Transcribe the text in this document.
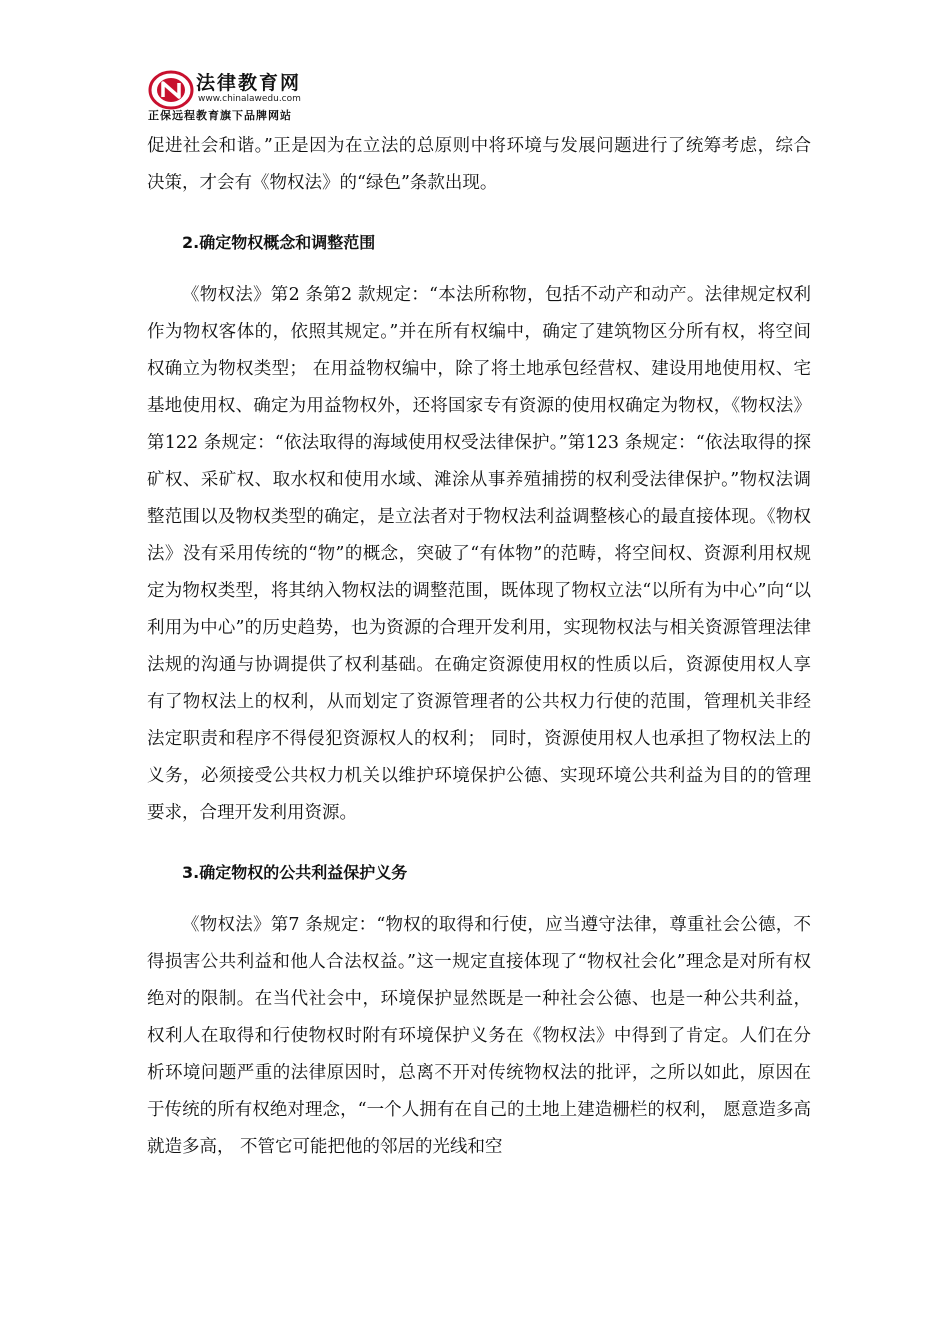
法律教育网
www.chinalawedu.com
正保远程教育旗下品牌网站

促进社会和谐。”正是因为在立法的总原则中将环境与发展问题进行了统筹考虑，综合决策，才会有《物权法》的“绿色”条款出现。

2.确定物权概念和调整范围

《物权法》第2 条第2 款规定：“本法所称物，包括不动产和动产。法律规定权利作为物权客体的，依照其规定。”并在所有权编中，确定了建筑物区分所有权，将空间权确立为物权类型； 在用益物权编中，除了将土地承包经营权、建设用地使用权、宅基地使用权、确定为用益物权外，还将国家专有资源的使用权确定为物权，《物权法》第122 条规定：“依法取得的海域使用权受法律保护。”第123 条规定：“依法取得的探矿权、采矿权、取水权和使用水域、滩涂从事养殖捕捞的权利受法律保护。”物权法调整范围以及物权类型的确定，是立法者对于物权法利益调整核心的最直接体现。《物权法》没有采用传统的“物”的概念，突破了“有体物”的范畴，将空间权、资源利用权规定为物权类型，将其纳入物权法的调整范围，既体现了物权立法“以所有为中心”向“以利用为中心”的历史趋势，也为资源的合理开发利用，实现物权法与相关资源管理法律法规的沟通与协调提供了权利基础。在确定资源使用权的性质以后，资源使用权人享有了物权法上的权利，从而划定了资源管理者的公共权力行使的范围，管理机关非经法定职责和程序不得侵犯资源权人的权利； 同时，资源使用权人也承担了物权法上的义务，必须接受公共权力机关以维护环境保护公德、实现环境公共利益为目的的管理要求，合理开发利用资源。

3.确定物权的公共利益保护义务

《物权法》第7 条规定：“物权的取得和行使，应当遵守法律，尊重社会公德，不得损害公共利益和他人合法权益。”这一规定直接体现了“物权社会化”理念是对所有权绝对的限制。在当代社会中，环境保护显然既是一种社会公德、也是一种公共利益， 权利人在取得和行使物权时附有环境保护义务在《物权法》中得到了肯定。人们在分析环境问题严重的法律原因时，总离不开对传统物权法的批评，之所以如此，原因在于传统的所有权绝对理念，“一个人拥有在自己的土地上建造栅栏的权利， 愿意造多高就造多高， 不管它可能把他的邻居的光线和空
